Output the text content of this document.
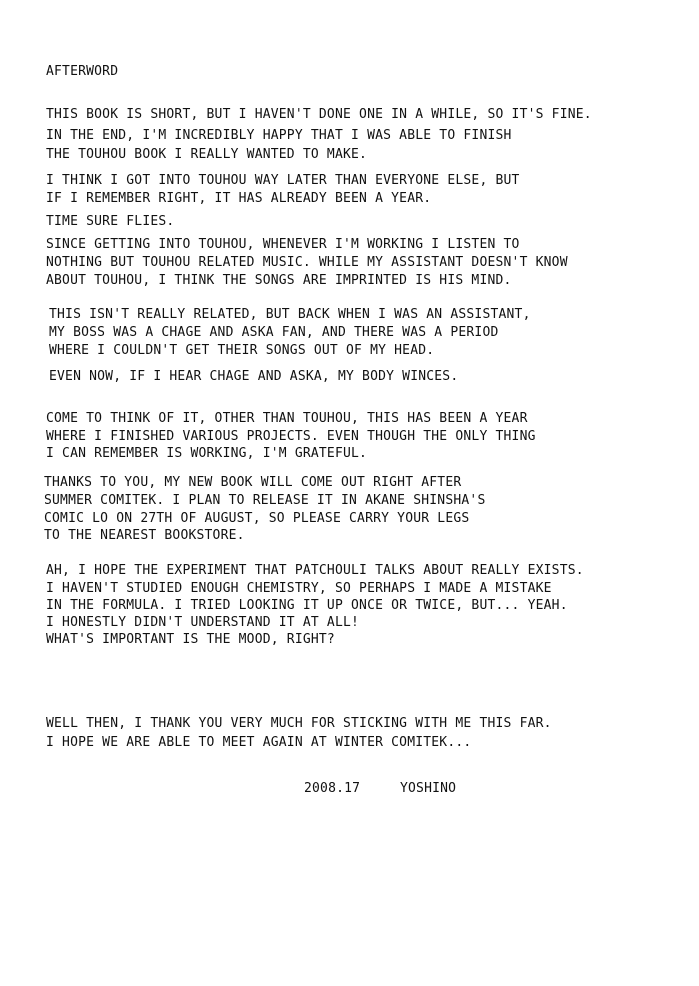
AFTERWORD
THIS BOOK IS SHORT, BUT I HAVEN'T DONE ONE IN A WHILE, SO IT'S FINE.
IN THE END, I'M INCREDIBLY HAPPY THAT I WAS ABLE TO FINISH
THE TOUHOU BOOK I REALLY WANTED TO MAKE.
I THINK I GOT INTO TOUHOU WAY LATER THAN EVERYONE ELSE, BUT
IF I REMEMBER RIGHT, IT HAS ALREADY BEEN A YEAR.
TIME SURE FLIES.
SINCE GETTING INTO TOUHOU, WHENEVER I'M WORKING I LISTEN TO
NOTHING BUT TOUHOU RELATED MUSIC. WHILE MY ASSISTANT DOESN'T KNOW
ABOUT TOUHOU, I THINK THE SONGS ARE IMPRINTED IS HIS MIND.
THIS ISN'T REALLY RELATED, BUT BACK WHEN I WAS AN ASSISTANT,
MY BOSS WAS A CHAGE AND ASKA FAN, AND THERE WAS A PERIOD
WHERE I COULDN'T GET THEIR SONGS OUT OF MY HEAD.
EVEN NOW, IF I HEAR CHAGE AND ASKA, MY BODY WINCES.
COME TO THINK OF IT, OTHER THAN TOUHOU, THIS HAS BEEN A YEAR
WHERE I FINISHED VARIOUS PROJECTS. EVEN THOUGH THE ONLY THING
I CAN REMEMBER IS WORKING, I'M GRATEFUL.
THANKS TO YOU, MY NEW BOOK WILL COME OUT RIGHT AFTER
SUMMER COMITEK. I PLAN TO RELEASE IT IN AKANE SHINSHA'S
COMIC LO ON 27TH OF AUGUST, SO PLEASE CARRY YOUR LEGS
TO THE NEAREST BOOKSTORE.
AH, I HOPE THE EXPERIMENT THAT PATCHOULI TALKS ABOUT REALLY EXISTS.
I HAVEN'T STUDIED ENOUGH CHEMISTRY, SO PERHAPS I MADE A MISTAKE
IN THE FORMULA. I TRIED LOOKING IT UP ONCE OR TWICE, BUT... YEAH.
I HONESTLY DIDN'T UNDERSTAND IT AT ALL!
WHAT'S IMPORTANT IS THE MOOD, RIGHT?
WELL THEN, I THANK YOU VERY MUCH FOR STICKING WITH ME THIS FAR.
I HOPE WE ARE ABLE TO MEET AGAIN AT WINTER COMITEK...
2008.17	YOSHINO
